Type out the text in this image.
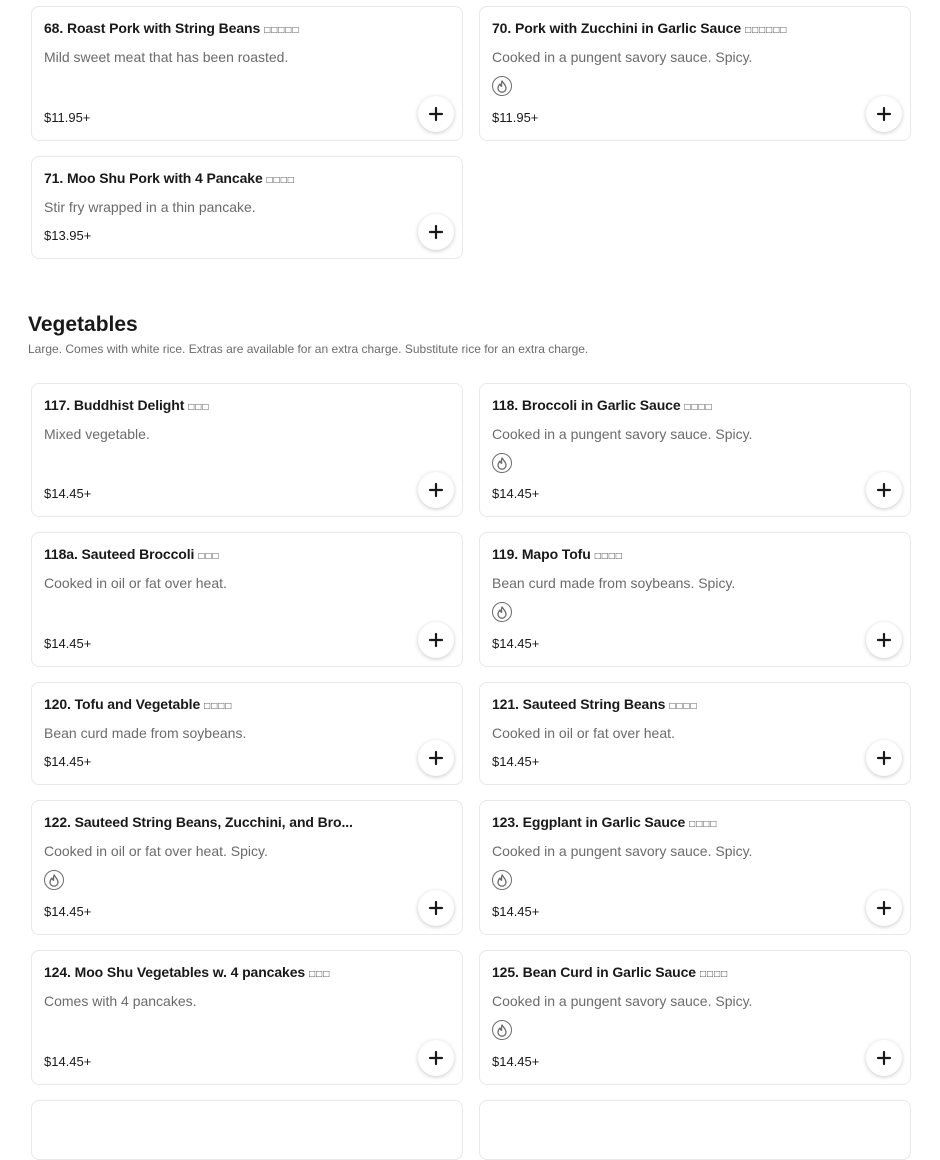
68. Roast Pork with String Beans □□□□□
Mild sweet meat that has been roasted.
$11.95+
70. Pork with Zucchini in Garlic Sauce □□□□□□
Cooked in a pungent savory sauce. Spicy.
$11.95+
71. Moo Shu Pork with 4 Pancake □□□□
Stir fry wrapped in a thin pancake.
$13.95+
Vegetables
Large. Comes with white rice. Extras are available for an extra charge. Substitute rice for an extra charge.
117. Buddhist Delight □□□
Mixed vegetable.
$14.45+
118. Broccoli in Garlic Sauce □□□□
Cooked in a pungent savory sauce. Spicy.
$14.45+
118a. Sauteed Broccoli □□□
Cooked in oil or fat over heat.
$14.45+
119. Mapo Tofu □□□□
Bean curd made from soybeans. Spicy.
$14.45+
120. Tofu and Vegetable □□□□
Bean curd made from soybeans.
$14.45+
121. Sauteed String Beans □□□□
Cooked in oil or fat over heat.
$14.45+
122. Sauteed String Beans, Zucchini, and Bro...
Cooked in oil or fat over heat. Spicy.
$14.45+
123. Eggplant in Garlic Sauce □□□□
Cooked in a pungent savory sauce. Spicy.
$14.45+
124. Moo Shu Vegetables w. 4 pancakes □□□
Comes with 4 pancakes.
$14.45+
125. Bean Curd in Garlic Sauce □□□□
Cooked in a pungent savory sauce. Spicy.
$14.45+
